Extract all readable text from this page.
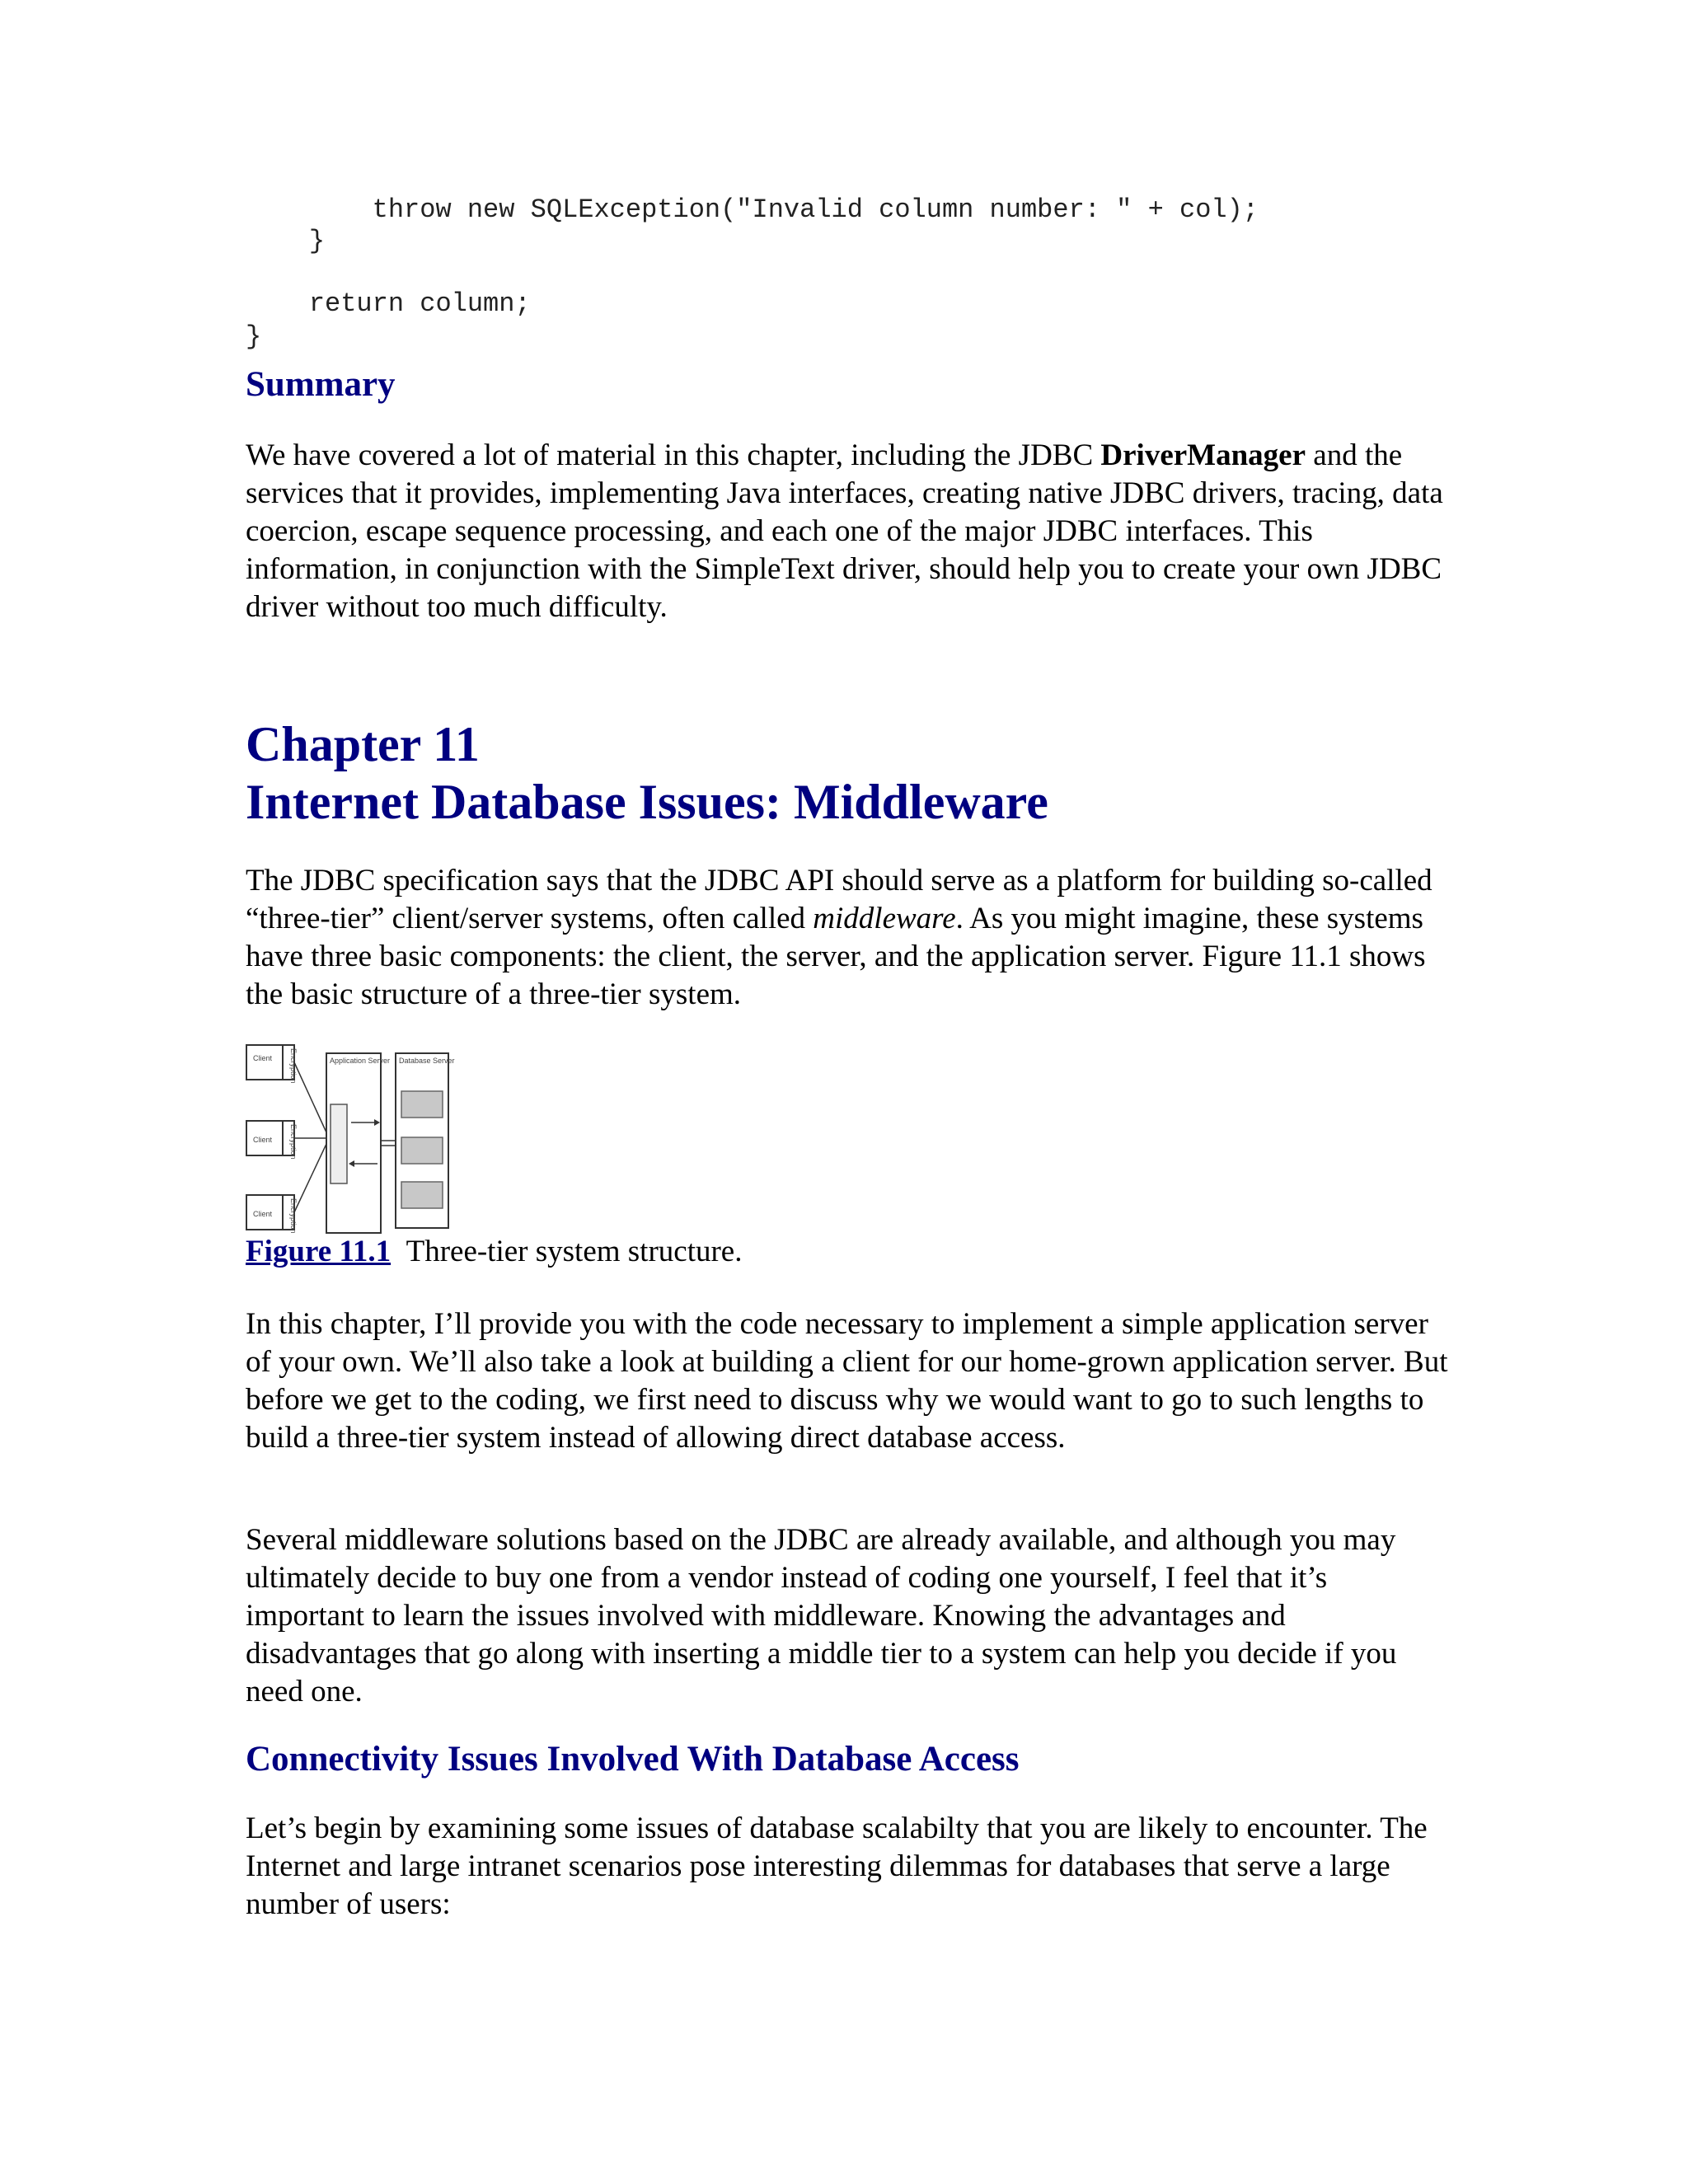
throw new SQLException("Invalid column number: " + col);
}
return column;
}
Summary

We have covered a lot of material in this chapter, including the JDBC DriverManager and the services that it provides, implementing Java interfaces, creating native JDBC drivers, tracing, data coercion, escape sequence processing, and each one of the major JDBC interfaces. This information, in conjunction with the SimpleText driver, should help you to create your own JDBC driver without too much difficulty.

Chapter 11
Internet Database Issues: Middleware

The JDBC specification says that the JDBC API should serve as a platform for building so-called “three-tier” client/server systems, often called middleware. As you might imagine, these systems have three basic components: the client, the server, and the application server. Figure 11.1 shows the basic structure of a three-tier system.

Client Encryption
Client Encryption
Client Encryption
Application Server Database Server

Figure 11.1 Three-tier system structure.

In this chapter, I’ll provide you with the code necessary to implement a simple application server of your own. We’ll also take a look at building a client for our home-grown application server. But before we get to the coding, we first need to discuss why we would want to go to such lengths to build a three-tier system instead of allowing direct database access.

Several middleware solutions based on the JDBC are already available, and although you may ultimately decide to buy one from a vendor instead of coding one yourself, I feel that it’s important to learn the issues involved with middleware. Knowing the advantages and disadvantages that go along with inserting a middle tier to a system can help you decide if you need one.

Connectivity Issues Involved With Database Access

Let’s begin by examining some issues of database scalabilty that you are likely to encounter. The Internet and large intranet scenarios pose interesting dilemmas for databases that serve a large number of users:
